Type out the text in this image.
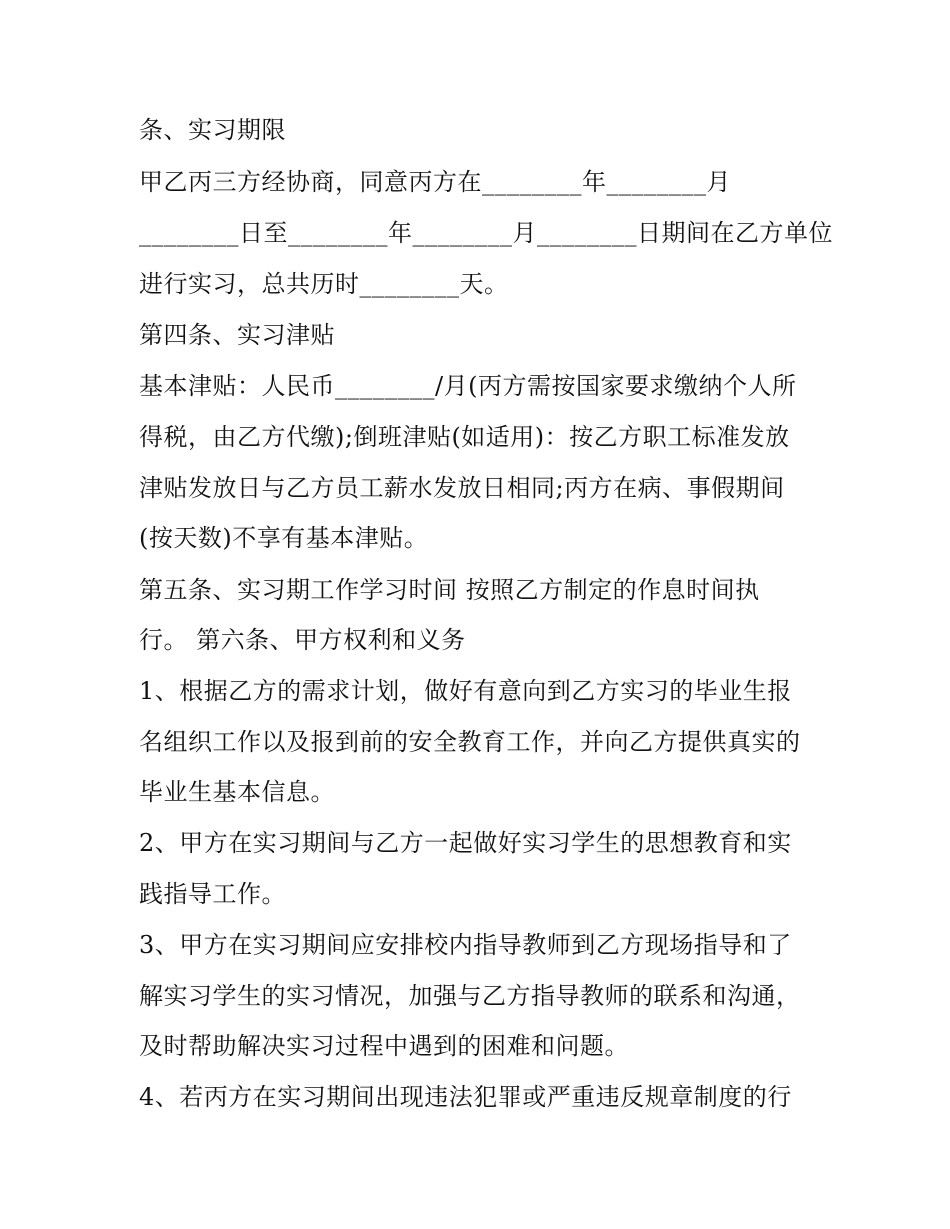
条、实习期限
甲乙丙三方经协商，同意丙方在________年________月
________日至________年________月________日期间在乙方单位
进行实习，总共历时________天。
第四条、实习津贴
基本津贴：人民币________/月(丙方需按国家要求缴纳个人所
得税，由乙方代缴);倒班津贴(如适用)：按乙方职工标准发放
津贴发放日与乙方员工薪水发放日相同;丙方在病、事假期间
(按天数)不享有基本津贴。
第五条、实习期工作学习时间 按照乙方制定的作息时间执
行。 第六条、甲方权利和义务
1、根据乙方的需求计划，做好有意向到乙方实习的毕业生报
名组织工作以及报到前的安全教育工作，并向乙方提供真实的
毕业生基本信息。
2、甲方在实习期间与乙方一起做好实习学生的思想教育和实
践指导工作。
3、甲方在实习期间应安排校内指导教师到乙方现场指导和了
解实习学生的实习情况，加强与乙方指导教师的联系和沟通，
及时帮助解决实习过程中遇到的困难和问题。
4、若丙方在实习期间出现违法犯罪或严重违反规章制度的行
